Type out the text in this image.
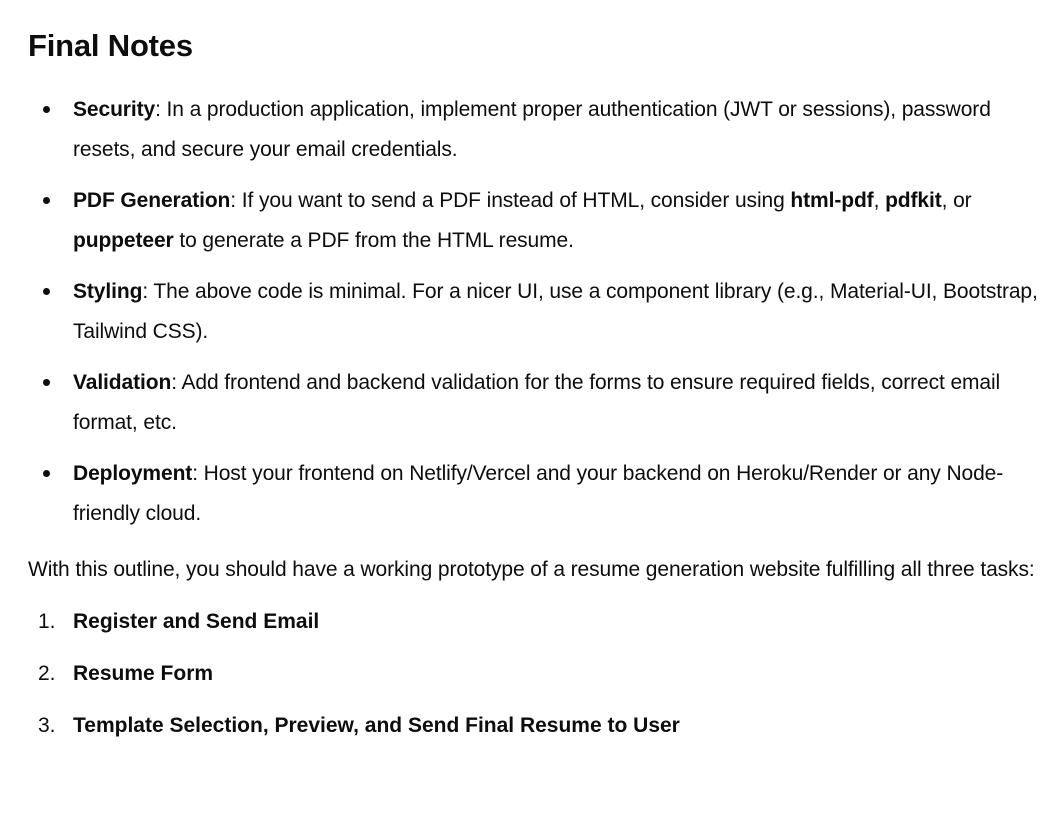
Final Notes
Security: In a production application, implement proper authentication (JWT or sessions), password resets, and secure your email credentials.
PDF Generation: If you want to send a PDF instead of HTML, consider using html-pdf, pdfkit, or puppeteer to generate a PDF from the HTML resume.
Styling: The above code is minimal. For a nicer UI, use a component library (e.g., Material-UI, Bootstrap, Tailwind CSS).
Validation: Add frontend and backend validation for the forms to ensure required fields, correct email format, etc.
Deployment: Host your frontend on Netlify/Vercel and your backend on Heroku/Render or any Node-friendly cloud.

With this outline, you should have a working prototype of a resume generation website fulfilling all three tasks:

1. Register and Send Email
2. Resume Form
3. Template Selection, Preview, and Send Final Resume to User
